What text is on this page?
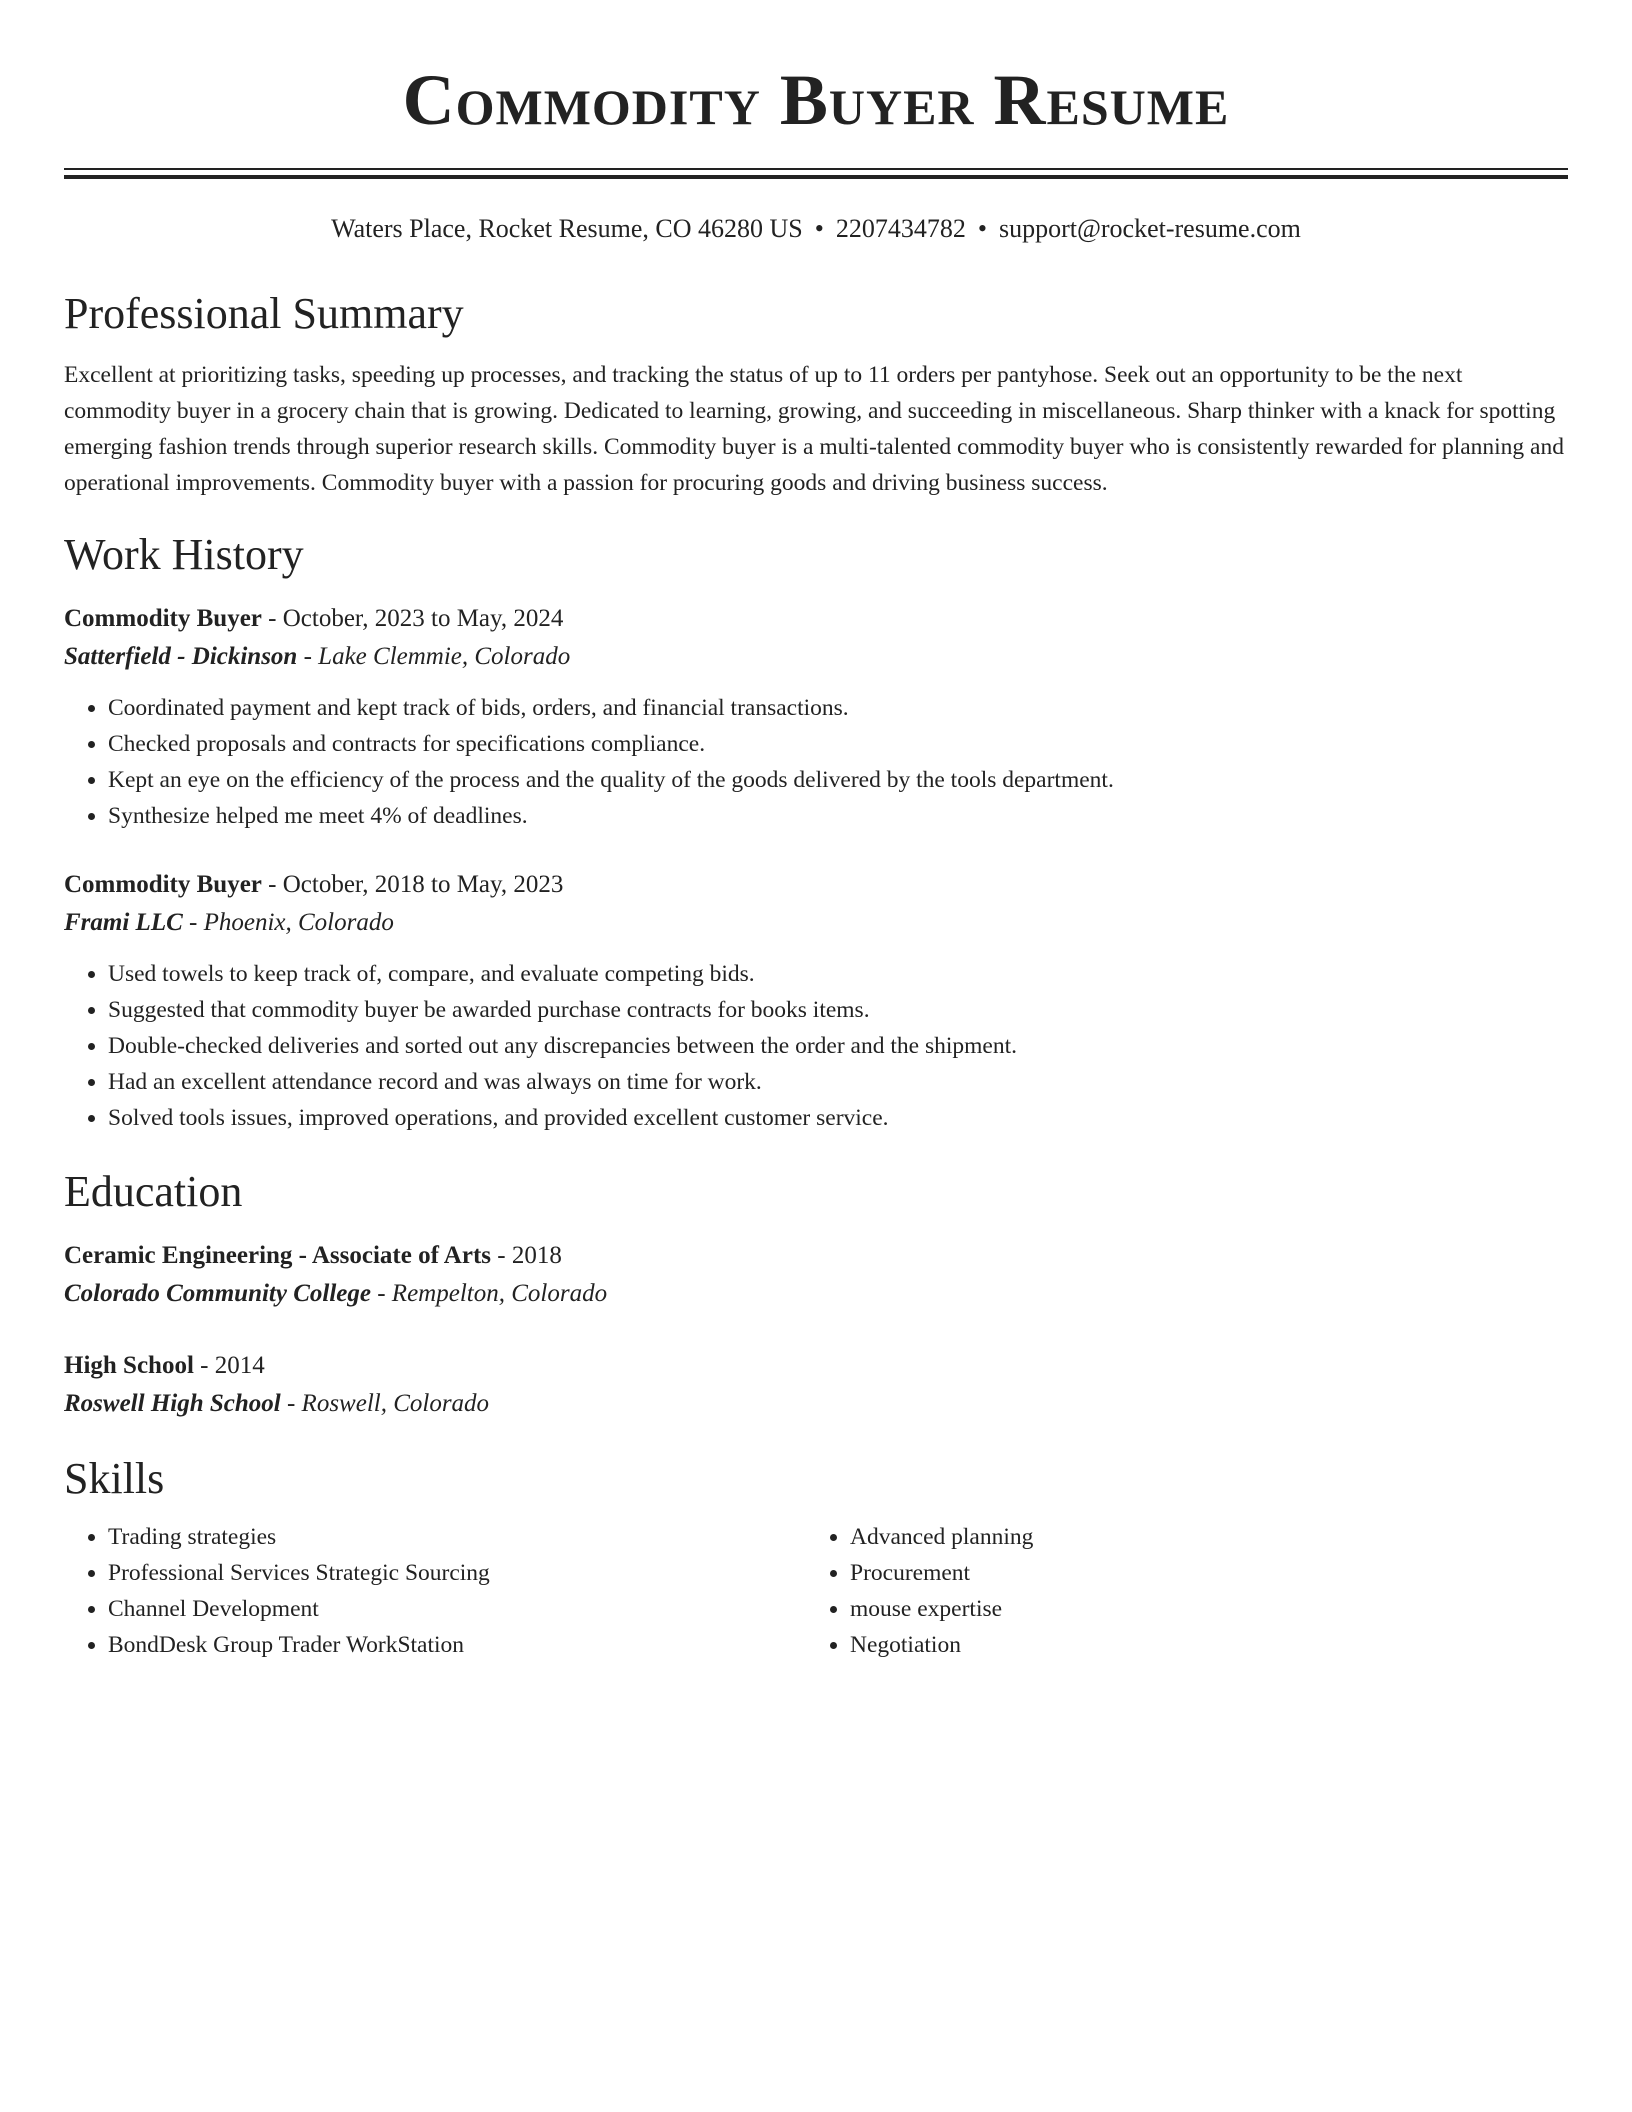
Commodity Buyer Resume
Waters Place, Rocket Resume, CO 46280 US • 2207434782 • support@rocket-resume.com
Professional Summary
Excellent at prioritizing tasks, speeding up processes, and tracking the status of up to 11 orders per pantyhose. Seek out an opportunity to be the next commodity buyer in a grocery chain that is growing. Dedicated to learning, growing, and succeeding in miscellaneous. Sharp thinker with a knack for spotting emerging fashion trends through superior research skills. Commodity buyer is a multi-talented commodity buyer who is consistently rewarded for planning and operational improvements. Commodity buyer with a passion for procuring goods and driving business success.
Work History
Commodity Buyer - October, 2023 to May, 2024
Satterfield - Dickinson - Lake Clemmie, Colorado
• Coordinated payment and kept track of bids, orders, and financial transactions.
• Checked proposals and contracts for specifications compliance.
• Kept an eye on the efficiency of the process and the quality of the goods delivered by the tools department.
• Synthesize helped me meet 4% of deadlines.
Commodity Buyer - October, 2018 to May, 2023
Frami LLC - Phoenix, Colorado
• Used towels to keep track of, compare, and evaluate competing bids.
• Suggested that commodity buyer be awarded purchase contracts for books items.
• Double-checked deliveries and sorted out any discrepancies between the order and the shipment.
• Had an excellent attendance record and was always on time for work.
• Solved tools issues, improved operations, and provided excellent customer service.
Education
Ceramic Engineering - Associate of Arts - 2018
Colorado Community College - Rempelton, Colorado
High School - 2014
Roswell High School - Roswell, Colorado
Skills
• Trading strategies
• Professional Services Strategic Sourcing
• Channel Development
• BondDesk Group Trader WorkStation
• Advanced planning
• Procurement
• mouse expertise
• Negotiation
